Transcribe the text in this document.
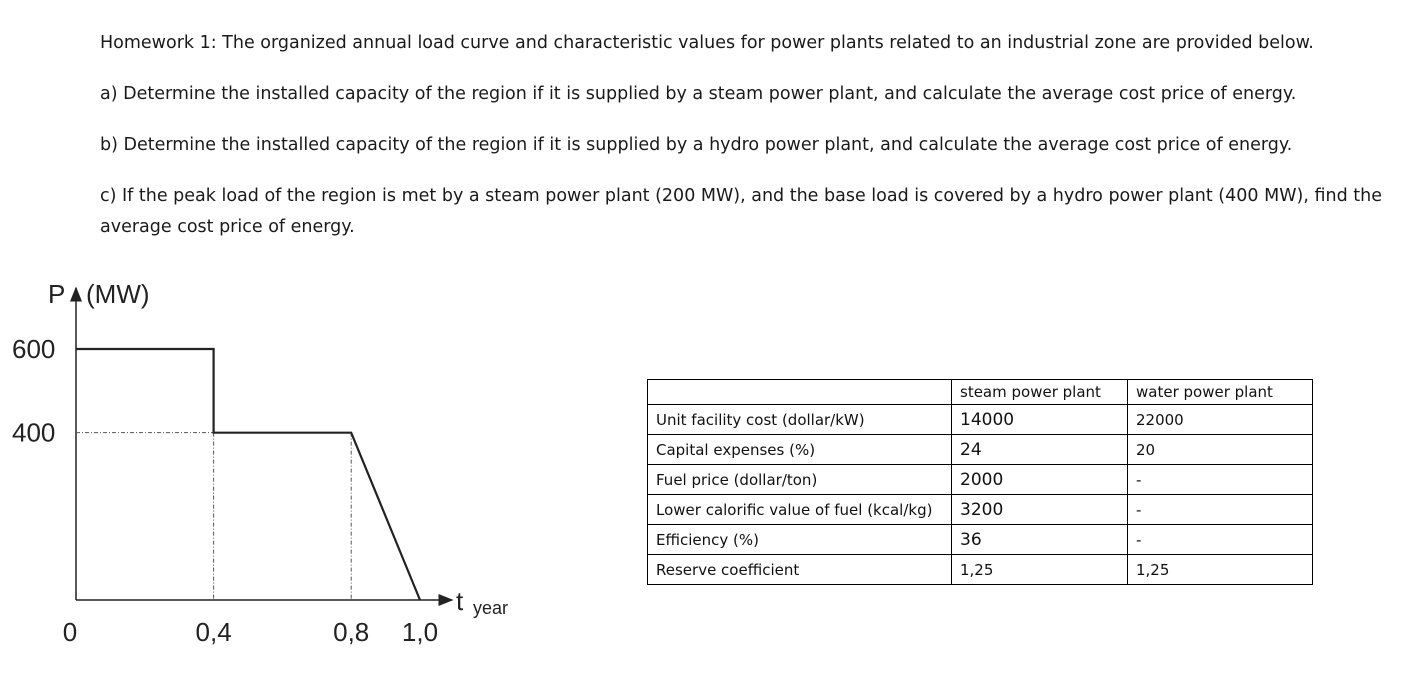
Homework 1: The organized annual load curve and characteristic values for power plants related to an industrial zone are provided below.

a) Determine the installed capacity of the region if it is supplied by a steam power plant, and calculate the average cost price of energy.

b) Determine the installed capacity of the region if it is supplied by a hydro power plant, and calculate the average cost price of energy.

c) If the peak load of the region is met by a steam power plant (200 MW), and the base load is covered by a hydro power plant (400 MW), find the average cost price of energy.

P (MW)
t year
600
400
0	0,4	0,8 1,0
	steam power plant	water power plant
Unit facility cost (dollar/kW)	14000	22000
Capital expenses (%)	24	20
Fuel price (dollar/ton)	2000	-
Lower calorific value of fuel (kcal/kg)	3200	-
Efficiency (%)	36	-
Reserve coefficient	1,25	1,25
